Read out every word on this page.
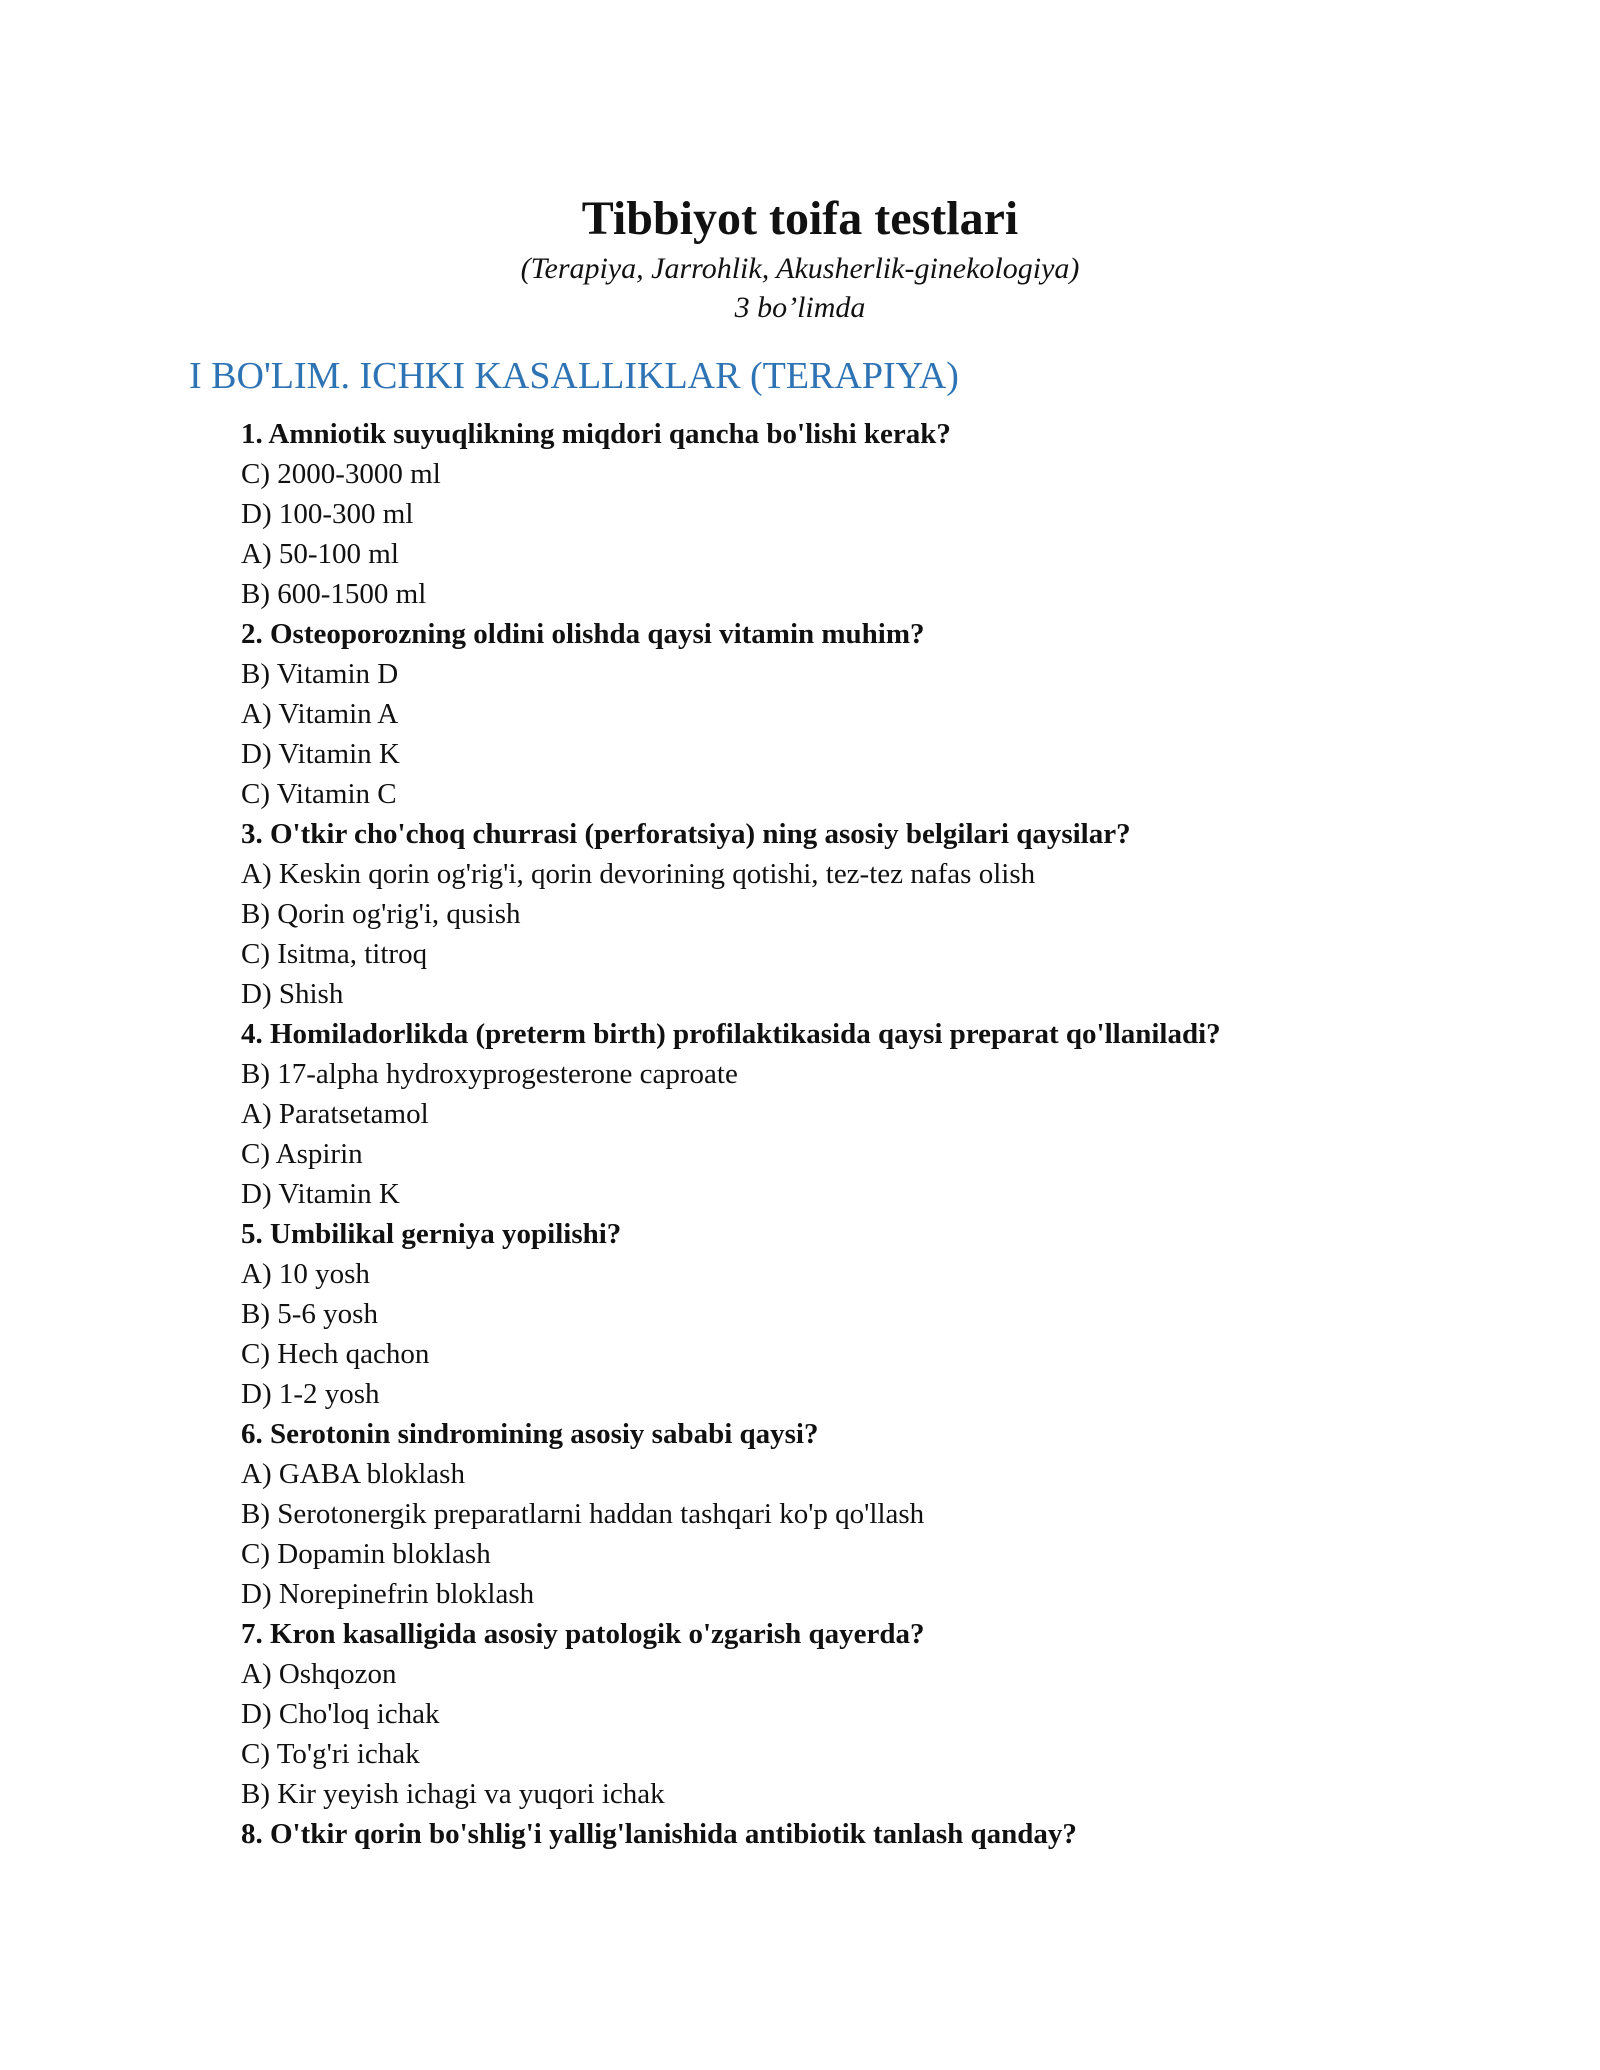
Tibbiyot toifa testlari
(Terapiya, Jarrohlik, Akusherlik-ginekologiya)
3 bo’limda
I BO'LIM. ICHKI KASALLIKLAR (TERAPIYA)
1. Amniotik suyuqlikning miqdori qancha bo'lishi kerak?
C) 2000-3000 ml
D) 100-300 ml
A) 50-100 ml
B) 600-1500 ml
2. Osteoporozning oldini olishda qaysi vitamin muhim?
B) Vitamin D
A) Vitamin A
D) Vitamin K
C) Vitamin C
3. O'tkir cho'choq churrasi (perforatsiya) ning asosiy belgilari qaysilar?
A) Keskin qorin og'rig'i, qorin devorining qotishi, tez-tez nafas olish
B) Qorin og'rig'i, qusish
C) Isitma, titroq
D) Shish
4. Homiladorlikda (preterm birth) profilaktikasida qaysi preparat qo'llaniladi?
B) 17-alpha hydroxyprogesterone caproate
A) Paratsetamol
C) Aspirin
D) Vitamin K
5. Umbilikal gerniya yopilishi?
A) 10 yosh
B) 5-6 yosh
C) Hech qachon
D) 1-2 yosh
6. Serotonin sindromining asosiy sababi qaysi?
A) GABA bloklash
B) Serotonergik preparatlarni haddan tashqari ko'p qo'llash
C) Dopamin bloklash
D) Norepinefrin bloklash
7. Kron kasalligida asosiy patologik o'zgarish qayerda?
A) Oshqozon
D) Cho'loq ichak
C) To'g'ri ichak
B) Kir yeyish ichagi va yuqori ichak
8. O'tkir qorin bo'shlig'i yallig'lanishida antibiotik tanlash qanday?
